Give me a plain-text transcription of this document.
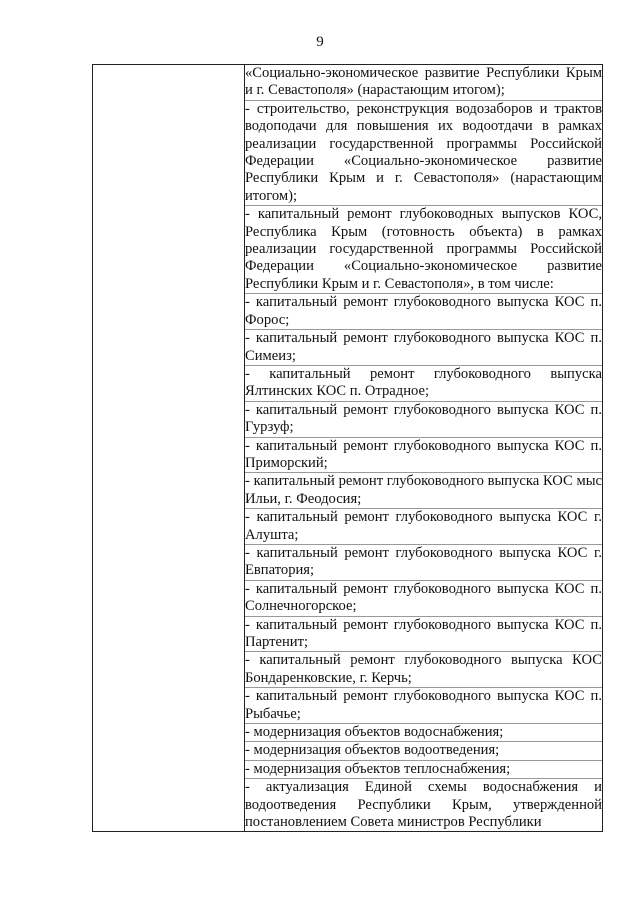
9

«Социально-экономическое развитие Республики Крым и г. Севастополя» (нарастающим итогом);
- строительство, реконструкция водозаборов и трактов водоподачи для повышения их водоотдачи в рамках реализации государственной программы Российской Федерации «Социально-экономическое развитие Республики Крым и г. Севастополя» (нарастающим итогом);
- капитальный ремонт глубоководных выпусков КОС, Республика Крым (готовность объекта) в рамках реализации государственной программы Российской Федерации «Социально-экономическое развитие Республики Крым и г. Севастополя», в том числе:
- капитальный ремонт глубоководного выпуска КОС п. Форос;
- капитальный ремонт глубоководного выпуска КОС п. Симеиз;
- капитальный ремонт глубоководного выпуска Ялтинских КОС п. Отрадное;
- капитальный ремонт глубоководного выпуска КОС п. Гурзуф;
- капитальный ремонт глубоководного выпуска КОС п. Приморский;
- капитальный ремонт глубоководного выпуска КОС мыс Ильи, г. Феодосия;
- капитальный ремонт глубоководного выпуска КОС г. Алушта;
- капитальный ремонт глубоководного выпуска КОС г. Евпатория;
- капитальный ремонт глубоководного выпуска КОС п. Солнечногорское;
- капитальный ремонт глубоководного выпуска КОС п. Партенит;
- капитальный ремонт глубоководного выпуска КОС Бондаренковские, г. Керчь;
- капитальный ремонт глубоководного выпуска КОС п. Рыбачье;
- модернизация объектов водоснабжения;
- модернизация объектов водоотведения;
- модернизация объектов теплоснабжения;
- актуализация Единой схемы водоснабжения и водоотведения Республики Крым, утвержденной постановлением Совета министров Республики
